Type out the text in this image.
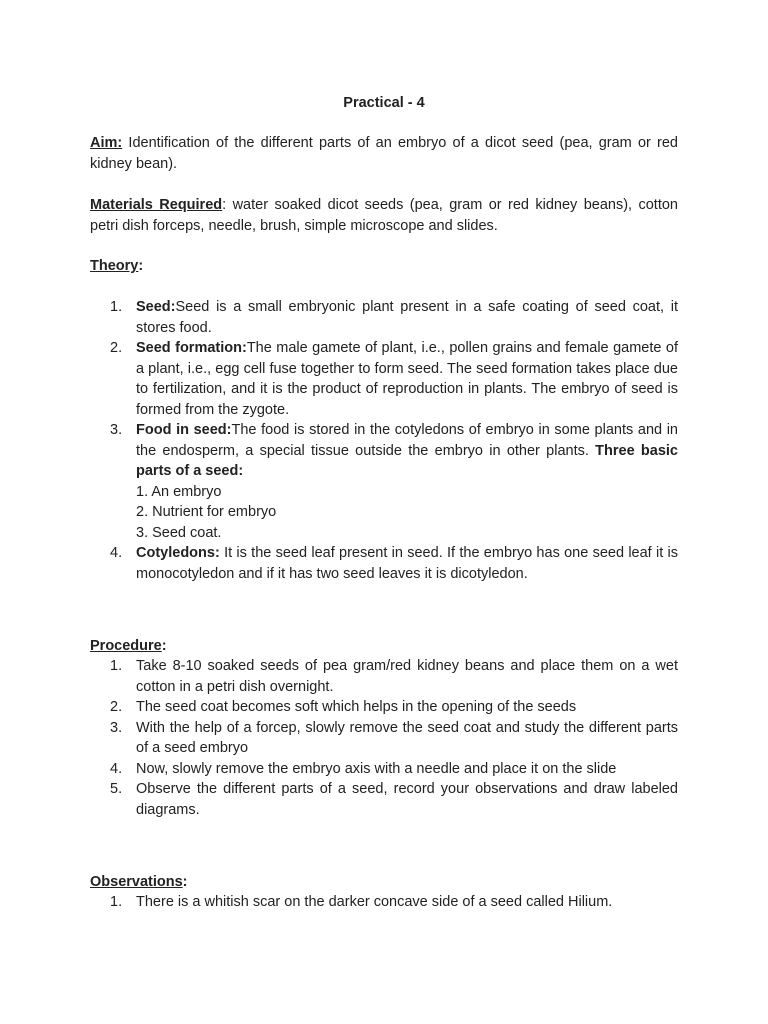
Practical - 4
Aim: Identification of the different parts of an embryo of a dicot seed (pea, gram or red kidney bean).
Materials Required: water soaked dicot seeds (pea, gram or red kidney beans), cotton petri dish forceps, needle, brush, simple microscope and slides.
Theory:
1. Seed:Seed is a small embryonic plant present in a safe coating of seed coat, it stores food.
2. Seed formation:The male gamete of plant, i.e., pollen grains and female gamete of a plant, i.e., egg cell fuse together to form seed. The seed formation takes place due to fertilization, and it is the product of reproduction in plants. The embryo of seed is formed from the zygote.
3. Food in seed:The food is stored in the cotyledons of embryo in some plants and in the endosperm, a special tissue outside the embryo in other plants. Three basic parts of a seed:
1. An embryo
2. Nutrient for embryo
3. Seed coat.
4. Cotyledons: It is the seed leaf present in seed. If the embryo has one seed leaf it is monocotyledon and if it has two seed leaves it is dicotyledon.
Procedure:
1. Take 8-10 soaked seeds of pea gram/red kidney beans and place them on a wet cotton in a petri dish overnight.
2. The seed coat becomes soft which helps in the opening of the seeds
3. With the help of a forcep, slowly remove the seed coat and study the different parts of a seed embryo
4. Now, slowly remove the embryo axis with a needle and place it on the slide
5. Observe the different parts of a seed, record your observations and draw labeled diagrams.
Observations:
1. There is a whitish scar on the darker concave side of a seed called Hilium.
